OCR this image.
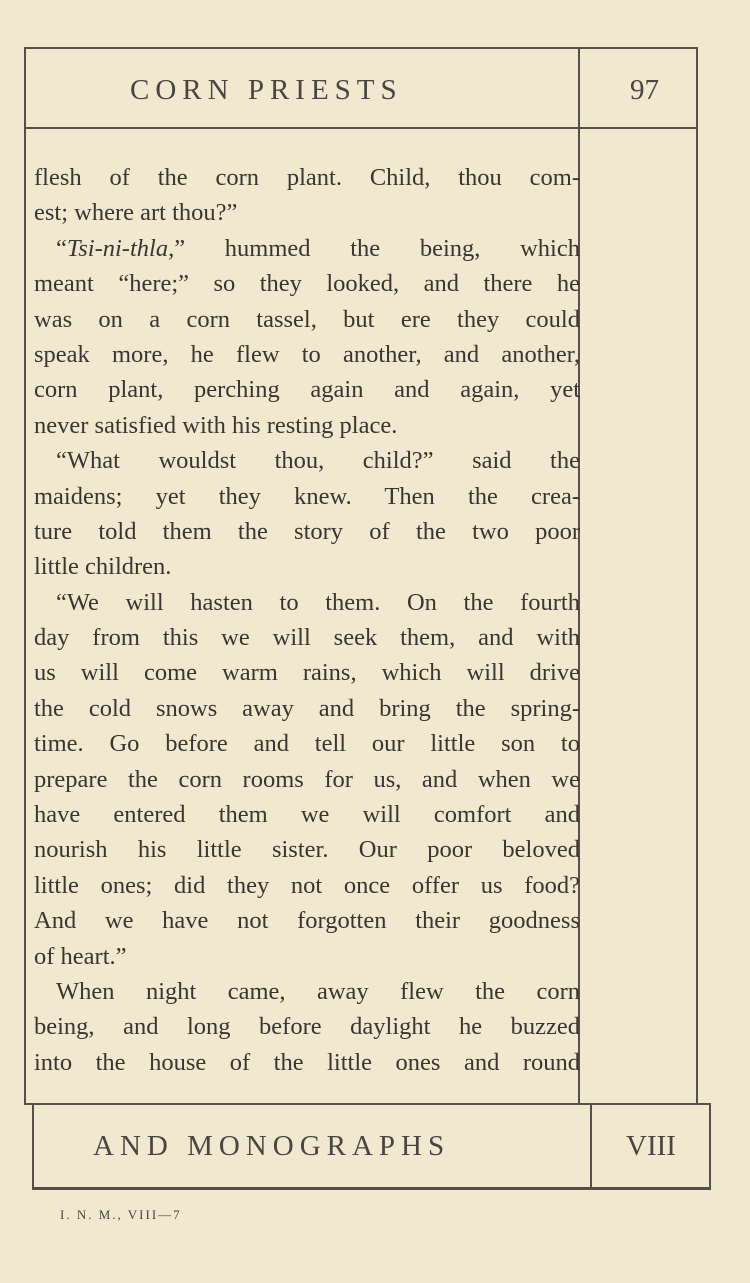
CORN PRIESTS	97
flesh of the corn plant. Child, thou com-
est; where art thou?”
“Tsi-ni-thla,” hummed the being, which
meant “here;” so they looked, and there he
was on a corn tassel, but ere they could
speak more, he flew to another, and another,
corn plant, perching again and again, yet
never satisfied with his resting place.
“What wouldst thou, child?” said the
maidens; yet they knew. Then the crea-
ture told them the story of the two poor
little children.
“We will hasten to them. On the fourth
day from this we will seek them, and with
us will come warm rains, which will drive
the cold snows away and bring the spring-
time. Go before and tell our little son to
prepare the corn rooms for us, and when we
have entered them we will comfort and
nourish his little sister. Our poor beloved
little ones; did they not once offer us food?
And we have not forgotten their goodness
of heart.”
When night came, away flew the corn
being, and long before daylight he buzzed
into the house of the little ones and round
AND MONOGRAPHS	VIII
I. N. M., VIII—7
